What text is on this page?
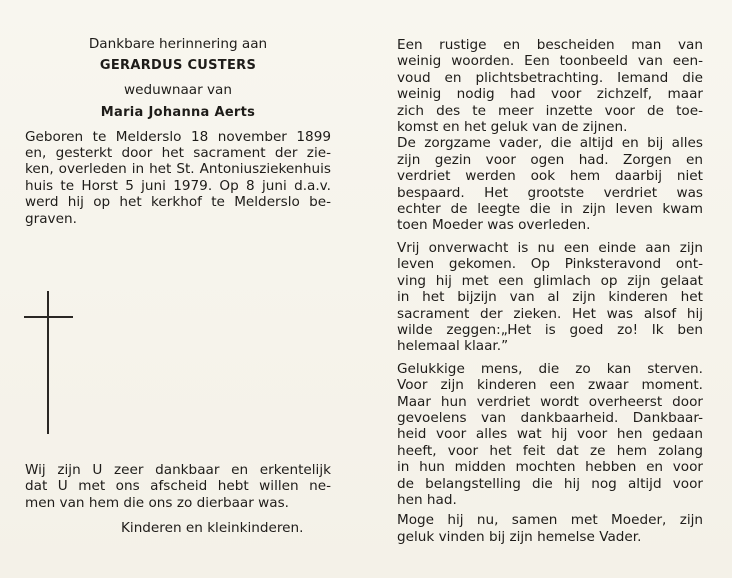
Dankbare herinnering aan
GERARDUS CUSTERS
weduwnaar van
Maria Johanna Aerts
Geboren te Melderslo 18 november 1899
en, gesterkt door het sacrament der zie-
ken, overleden in het St. Antoniusziekenhuis
huis te Horst 5 juni 1979. Op 8 juni d.a.v.
werd hij op het kerkhof te Melderslo be-
graven.
Wij zijn U zeer dankbaar en erkentelijk
dat U met ons afscheid hebt willen ne-
men van hem die ons zo dierbaar was.
Kinderen en kleinkinderen.
Een rustige en bescheiden man van
weinig woorden. Een toonbeeld van een-
voud en plichtsbetrachting. Iemand die
weinig nodig had voor zichzelf, maar
zich des te meer inzette voor de toe-
komst en het geluk van de zijnen.
De zorgzame vader, die altijd en bij alles
zijn gezin voor ogen had. Zorgen en
verdriet werden ook hem daarbij niet
bespaard. Het grootste verdriet was
echter de leegte die in zijn leven kwam
toen Moeder was overleden.
Vrij onverwacht is nu een einde aan zijn
leven gekomen. Op Pinksteravond ont-
ving hij met een glimlach op zijn gelaat
in het bijzijn van al zijn kinderen het
sacrament der zieken. Het was alsof hij
wilde zeggen:„Het is goed zo! Ik ben
helemaal klaar.”
Gelukkige mens, die zo kan sterven.
Voor zijn kinderen een zwaar moment.
Maar hun verdriet wordt overheerst door
gevoelens van dankbaarheid. Dankbaar-
heid voor alles wat hij voor hen gedaan
heeft, voor het feit dat ze hem zolang
in hun midden mochten hebben en voor
de belangstelling die hij nog altijd voor
hen had.
Moge hij nu, samen met Moeder, zijn
geluk vinden bij zijn hemelse Vader.
